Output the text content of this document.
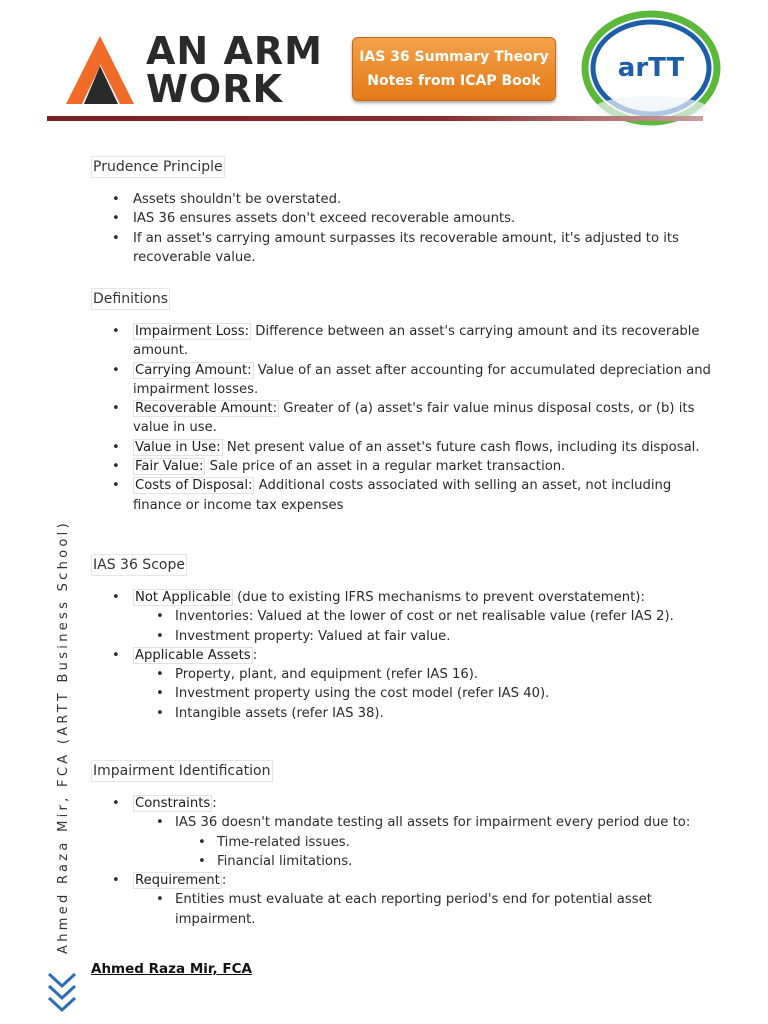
AN ARM
WORK
IAS 36 Summary Theory
Notes from ICAP Book	arTT
Ahmed Raza Mir, FCA (ARTT Business School)
Prudence Principle
• Assets shouldn't be overstated.
• IAS 36 ensures assets don't exceed recoverable amounts.
• If an asset's carrying amount surpasses its recoverable amount, it's adjusted to its recoverable value.
Definitions
• Impairment Loss: Difference between an asset's carrying amount and its recoverable amount.
• Carrying Amount: Value of an asset after accounting for accumulated depreciation and impairment losses.
• Recoverable Amount: Greater of (a) asset's fair value minus disposal costs, or (b) its value in use.
• Value in Use: Net present value of an asset's future cash flows, including its disposal.
• Fair Value: Sale price of an asset in a regular market transaction.
• Costs of Disposal: Additional costs associated with selling an asset, not including finance or income tax expenses
IAS 36 Scope
• Not Applicable (due to existing IFRS mechanisms to prevent overstatement):
• Inventories: Valued at the lower of cost or net realisable value (refer IAS 2).
• Investment property: Valued at fair value.
• Applicable Assets :
• Property, plant, and equipment (refer IAS 16).
• Investment property using the cost model (refer IAS 40).
• Intangible assets (refer IAS 38).
Impairment Identification
• Constraints :
• IAS 36 doesn't mandate testing all assets for impairment every period due to:
• Time-related issues.
• Financial limitations.
• Requirement :
• Entities must evaluate at each reporting period's end for potential asset impairment.
Ahmed Raza Mir, FCA
